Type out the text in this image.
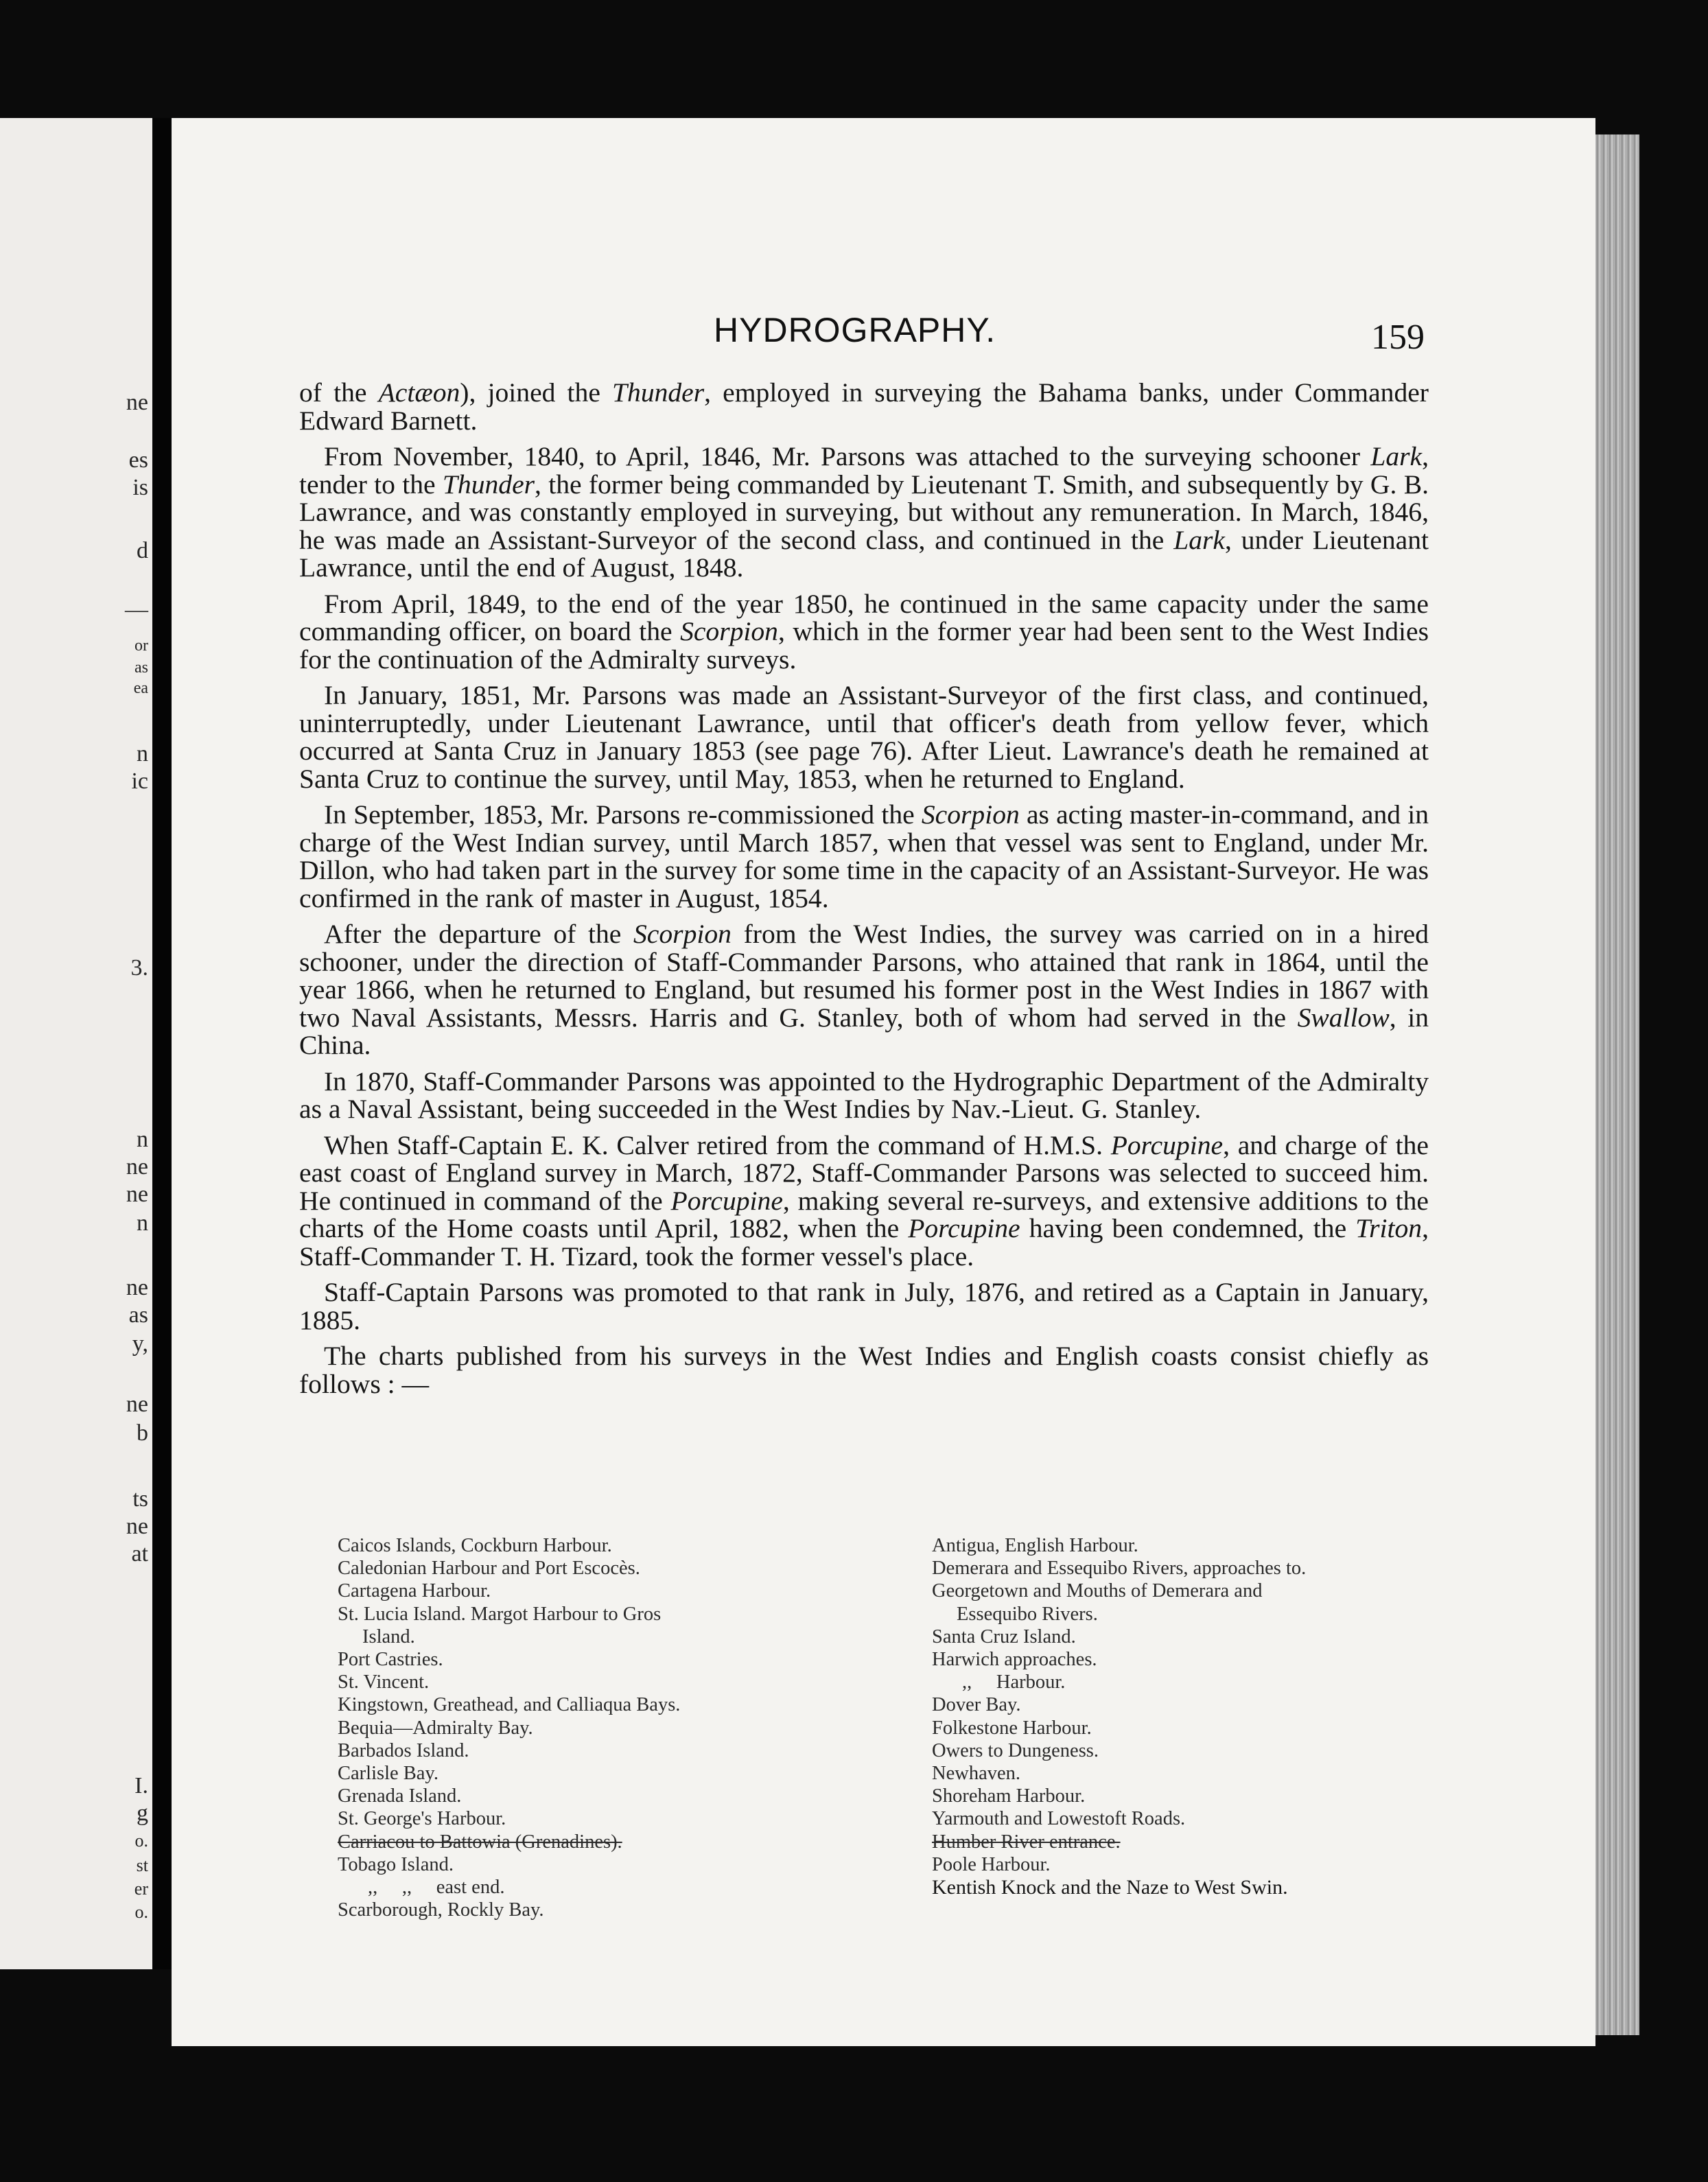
ne
es
is
d
—
or
as
ea
n
ic
3.
n
ne
ne
n
ne
as
y,
ne
b
ts
ne
at
I.
g
o.
st
er
o.
HYDROGRAPHY.	159

of the Actæon), joined the Thunder, employed in surveying the Bahama banks, under Commander Edward Barnett.

From November, 1840, to April, 1846, Mr. Parsons was attached to the surveying schooner Lark, tender to the Thunder, the former being commanded by Lieutenant T. Smith, and subsequently by G. B. Lawrance, and was constantly employed in surveying, but without any remuneration. In March, 1846, he was made an Assistant-Surveyor of the second class, and continued in the Lark, under Lieutenant Lawrance, until the end of August, 1848.

From April, 1849, to the end of the year 1850, he continued in the same capacity under the same commanding officer, on board the Scorpion, which in the former year had been sent to the West Indies for the continuation of the Admiralty surveys.

In January, 1851, Mr. Parsons was made an Assistant-Surveyor of the first class, and continued, uninterruptedly, under Lieutenant Lawrance, until that officer's death from yellow fever, which occurred at Santa Cruz in January 1853 (see page 76). After Lieut. Lawrance's death he remained at Santa Cruz to continue the survey, until May, 1853, when he returned to England.

In September, 1853, Mr. Parsons re-commissioned the Scorpion as acting master-in-command, and in charge of the West Indian survey, until March 1857, when that vessel was sent to England, under Mr. Dillon, who had taken part in the survey for some time in the capacity of an Assistant-Surveyor. He was confirmed in the rank of master in August, 1854.

After the departure of the Scorpion from the West Indies, the survey was carried on in a hired schooner, under the direction of Staff-Commander Parsons, who attained that rank in 1864, until the year 1866, when he returned to England, but resumed his former post in the West Indies in 1867 with two Naval Assistants, Messrs. Harris and G. Stanley, both of whom had served in the Swallow, in China.

In 1870, Staff-Commander Parsons was appointed to the Hydrographic Department of the Admiralty as a Naval Assistant, being succeeded in the West Indies by Nav.-Lieut. G. Stanley.

When Staff-Captain E. K. Calver retired from the command of H.M.S. Porcupine, and charge of the east coast of England survey in March, 1872, Staff-Commander Parsons was selected to succeed him. He continued in command of the Porcupine, making several re-surveys, and extensive additions to the charts of the Home coasts until April, 1882, when the Porcupine having been condemned, the Triton, Staff-Commander T. H. Tizard, took the former vessel's place.

Staff-Captain Parsons was promoted to that rank in July, 1876, and retired as a Captain in January, 1885.

The charts published from his surveys in the West Indies and English coasts consist chiefly as follows : —

Caicos Islands, Cockburn Harbour.
Caledonian Harbour and Port Escocès.
Cartagena Harbour.
St. Lucia Island. Margot Harbour to Gros
Island.
Port Castries.
St. Vincent.
Kingstown, Greathead, and Calliaqua Bays.
Bequia—Admiralty Bay.
Barbados Island.
Carlisle Bay.
Grenada Island.
St. George's Harbour.
Carriacou to Battowia (Grenadines).
Tobago Island.
,,     ,,     east end.
Scarborough, Rockly Bay.
Antigua, English Harbour.
Demerara and Essequibo Rivers, approaches to.
Georgetown and Mouths of Demerara and
Essequibo Rivers.
Santa Cruz Island.
Harwich approaches.
,,     Harbour.
Dover Bay.
Folkestone Harbour.
Owers to Dungeness.
Newhaven.
Shoreham Harbour.
Yarmouth and Lowestoft Roads.
Humber River entrance.
Poole Harbour.
Kentish Knock and the Naze to West Swin.
